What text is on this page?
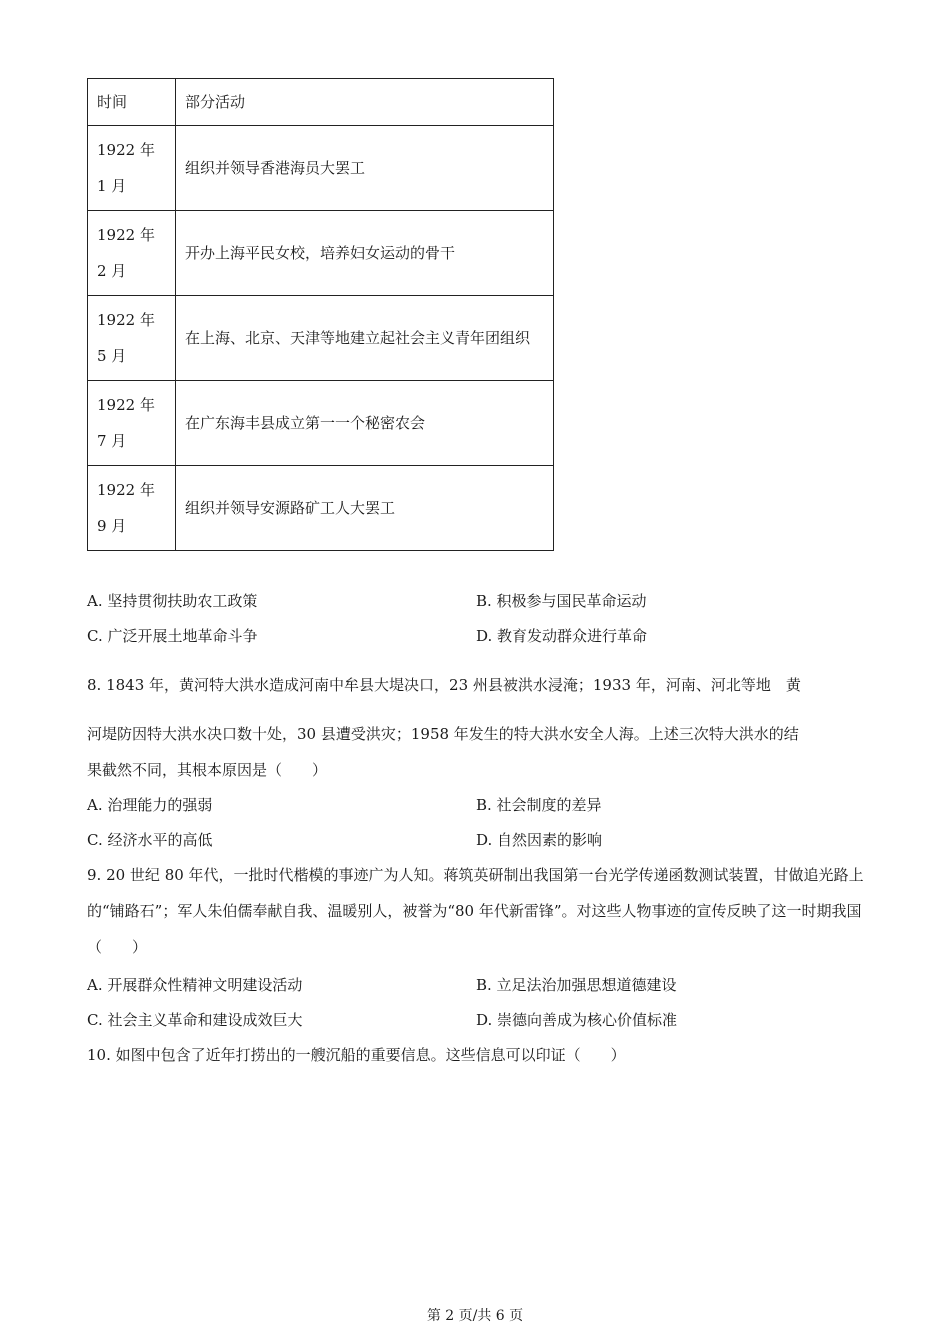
时间	部分活动
1922 年 1 月	组织并领导香港海员大罢工
1922 年 2 月	开办上海平民女校，培养妇女运动的骨干
1922 年 5 月	在上海、北京、天津等地建立起社会主义青年团组织
1922 年 7 月	在广东海丰县成立第一一个秘密农会
1922 年 9 月	组织并领导安源路矿工人大罢工
A. 坚持贯彻扶助农工政策	B. 积极参与国民革命运动
C. 广泛开展土地革命斗争	D. 教育发动群众进行革命
8. 1843 年，黄河特大洪水造成河南中牟县大堤决口，23 州县被洪水浸淹；1933 年，河南、河北等地　黄
河堤防因特大洪水决口数十处，30 县遭受洪灾；1958 年发生的特大洪水安全人海。上述三次特大洪水的结
果截然不同，其根本原因是（　　）
A. 治理能力的强弱	B. 社会制度的差异
C. 经济水平的高低	D. 自然因素的影响
9. 20 世纪 80 年代，一批时代楷模的事迹广为人知。蒋筑英研制出我国第一台光学传递函数测试装置，甘做追光路上的“铺路石”；军人朱伯儒奉献自我、温暖别人，被誉为“80 年代新雷锋”。对这些人物事迹的宣传反映了这一时期我国（　　）
A. 开展群众性精神文明建设活动	B. 立足法治加强思想道德建设
C. 社会主义革命和建设成效巨大	D. 崇德向善成为核心价值标准
10. 如图中包含了近年打捞出的一艘沉船的重要信息。这些信息可以印证（　　）
第 2 页/共 6 页
